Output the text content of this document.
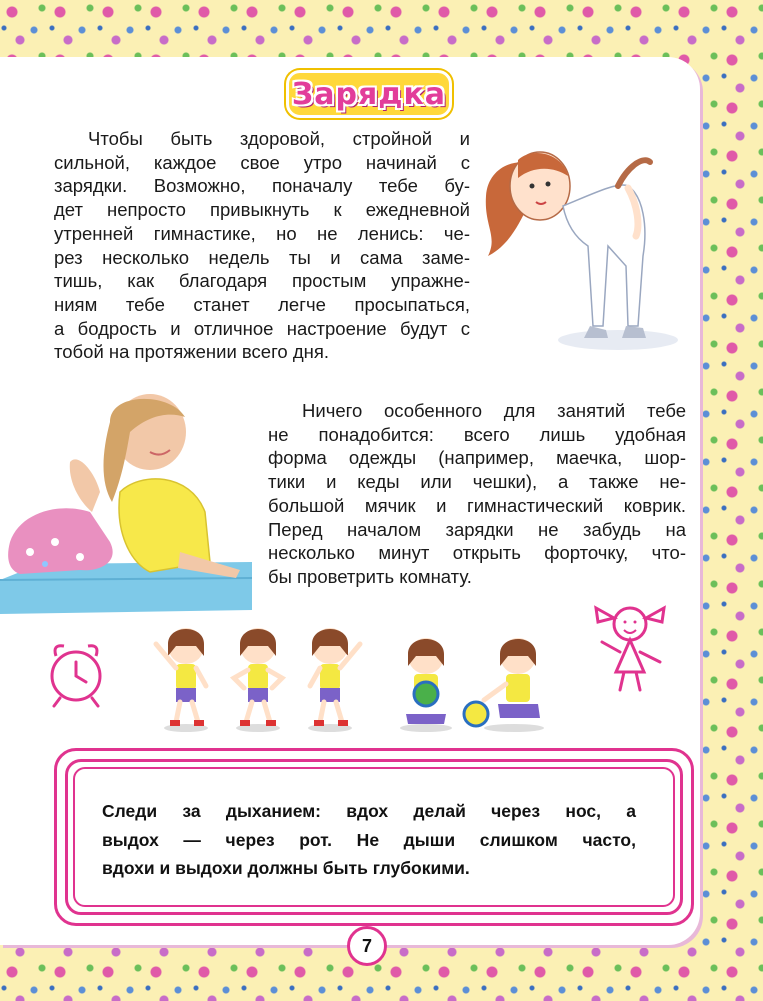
Зарядка

Чтобы быть здоровой, стройной и
сильной, каждое свое утро начинай с
зарядки. Возможно, поначалу тебе бу-
дет непросто привыкнуть к ежедневной
утренней гимнастике, но не ленись: че-
рез несколько недель ты и сама заме-
тишь, как благодаря простым упражне-
ниям тебе станет легче просыпаться,
а бодрость и отличное настроение будут с
тобой на протяжении всего дня.

Ничего особенного для занятий тебе
не понадобится: всего лишь удобная
форма одежды (например, маечка, шор-
тики и кеды или чешки), а также не-
большой мячик и гимнастический коврик.
Перед началом зарядки не забудь на
несколько минут открыть форточку, что-
бы проветрить комнату.

Следи за дыханием: вдох делай через нос, а
выдох — через рот. Не дыши слишком часто,
вдохи и выдохи должны быть глубокими.

7
